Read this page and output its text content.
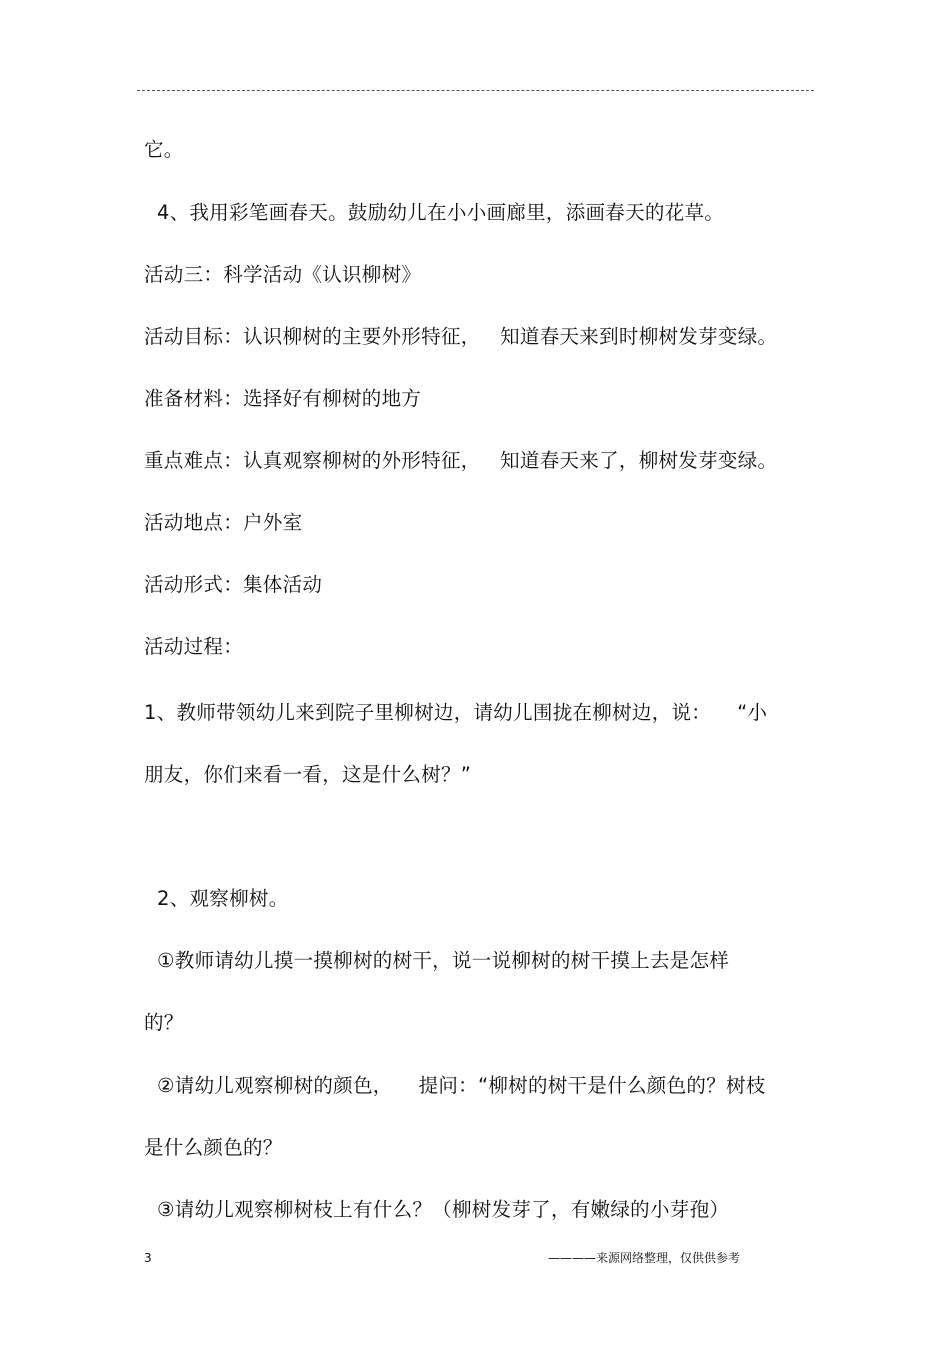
它。
4、我用彩笔画春天。鼓励幼儿在小小画廊里，添画春天的花草。
活动三：科学活动《认识柳树》
活动目标：认识柳树的主要外形特征，   知道春天来到时柳树发芽变绿。
准备材料：选择好有柳树的地方
重点难点：认真观察柳树的外形特征，   知道春天来了，柳树发芽变绿。
活动地点：户外室
活动形式：集体活动
活动过程：
1、教师带领幼儿来到院子里柳树边，请幼儿围拢在柳树边，说：    “小
朋友，你们来看一看，这是什么树？”
2、观察柳树。
①教师请幼儿摸一摸柳树的树干，说一说柳树的树干摸上去是怎样
的？
②请幼儿观察柳树的颜色，    提问：“柳树的树干是什么颜色的？树枝
是什么颜色的？
③请幼儿观察柳树枝上有什么？（柳树发芽了，有嫩绿的小芽孢）
3	————来源网络整理，仅供供参考
